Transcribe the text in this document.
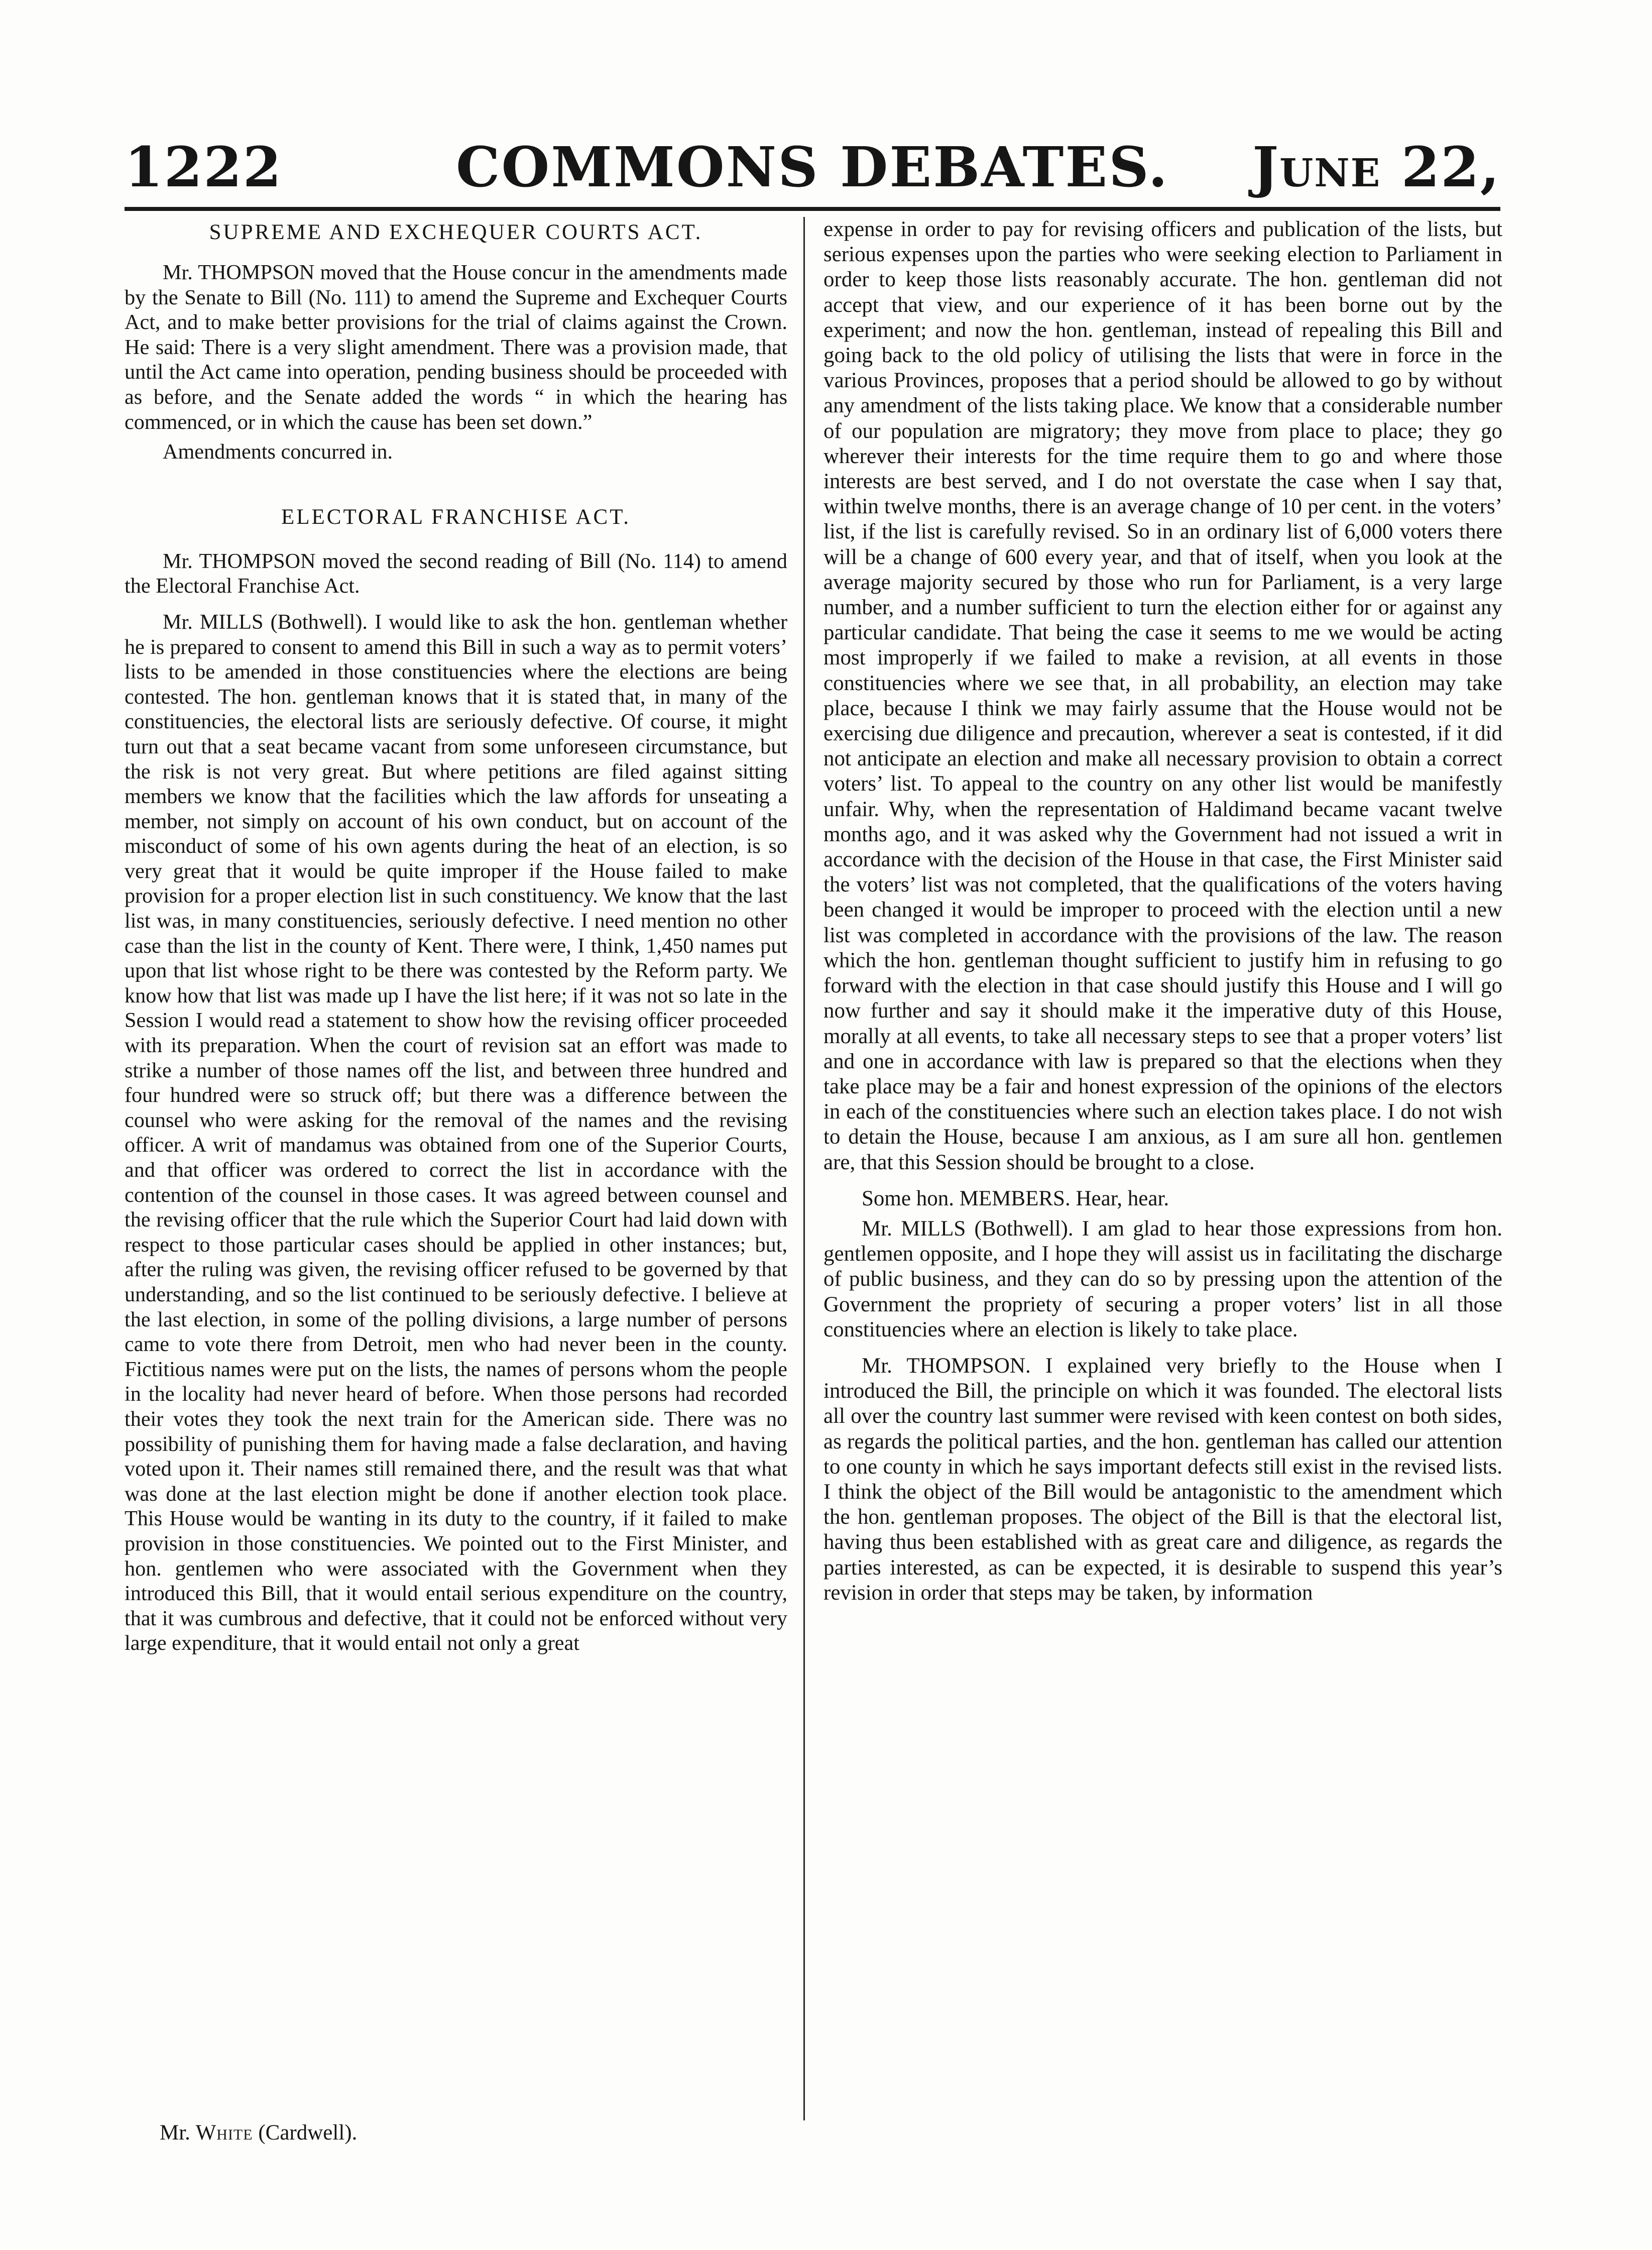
1222	COMMONS DEBATES.	June 22,
SUPREME AND EXCHEQUER COURTS ACT.

Mr. THOMPSON moved that the House concur in the amendments made by the Senate to Bill (No. 111) to amend the Supreme and Exchequer Courts Act, and to make better provisions for the trial of claims against the Crown. He said: There is a very slight amendment. There was a provision made, that until the Act came into operation, pending business should be proceeded with as before, and the Senate added the words “ in which the hearing has commenced, or in which the cause has been set down.”

Amendments concurred in.

ELECTORAL FRANCHISE ACT.

Mr. THOMPSON moved the second reading of Bill (No. 114) to amend the Electoral Franchise Act.

Mr. MILLS (Bothwell). I would like to ask the hon. gentleman whether he is prepared to consent to amend this Bill in such a way as to permit voters’ lists to be amended in those constituencies where the elections are being contested. The hon. gentleman knows that it is stated that, in many of the constituencies, the electoral lists are seriously defective. Of course, it might turn out that a seat became vacant from some unforeseen circumstance, but the risk is not very great. But where petitions are filed against sitting members we know that the facilities which the law affords for unseating a member, not simply on account of his own conduct, but on account of the misconduct of some of his own agents during the heat of an election, is so very great that it would be quite improper if the House failed to make provision for a proper election list in such constituency. We know that the last list was, in many constituencies, seriously defective. I need mention no other case than the list in the county of Kent. There were, I think, 1,450 names put upon that list whose right to be there was contested by the Reform party. We know how that list was made up I have the list here; if it was not so late in the Session I would read a statement to show how the revising officer proceeded with its preparation. When the court of revision sat an effort was made to strike a number of those names off the list, and between three hundred and four hundred were so struck off; but there was a difference between the counsel who were asking for the removal of the names and the revising officer. A writ of mandamus was obtained from one of the Superior Courts, and that officer was ordered to correct the list in accordance with the contention of the counsel in those cases. It was agreed between counsel and the revising officer that the rule which the Superior Court had laid down with respect to those particular cases should be applied in other instances; but, after the ruling was given, the revising officer refused to be governed by that understanding, and so the list continued to be seriously defective. I believe at the last election, in some of the polling divisions, a large number of persons came to vote there from Detroit, men who had never been in the county. Fictitious names were put on the lists, the names of persons whom the people in the locality had never heard of before. When those persons had recorded their votes they took the next train for the American side. There was no possibility of punishing them for having made a false declaration, and having voted upon it. Their names still remained there, and the result was that what was done at the last election might be done if another election took place. This House would be wanting in its duty to the country, if it failed to make provision in those constituencies. We pointed out to the First Minister, and hon. gentlemen who were associated with the Government when they introduced this Bill, that it would entail serious expenditure on the country, that it was cumbrous and defective, that it could not be enforced without very large expenditure, that it would entail not only a great

expense in order to pay for revising officers and publication of the lists, but serious expenses upon the parties who were seeking election to Parliament in order to keep those lists reasonably accurate. The hon. gentleman did not accept that view, and our experience of it has been borne out by the experiment; and now the hon. gentleman, instead of repealing this Bill and going back to the old policy of utilising the lists that were in force in the various Provinces, proposes that a period should be allowed to go by without any amendment of the lists taking place. We know that a considerable number of our population are migratory; they move from place to place; they go wherever their interests for the time require them to go and where those interests are best served, and I do not overstate the case when I say that, within twelve months, there is an average change of 10 per cent. in the voters’ list, if the list is carefully revised. So in an ordinary list of 6,000 voters there will be a change of 600 every year, and that of itself, when you look at the average majority secured by those who run for Parliament, is a very large number, and a number sufficient to turn the election either for or against any particular candidate. That being the case it seems to me we would be acting most improperly if we failed to make a revision, at all events in those constituencies where we see that, in all probability, an election may take place, because I think we may fairly assume that the House would not be exercising due diligence and precaution, wherever a seat is contested, if it did not anticipate an election and make all necessary provision to obtain a correct voters’ list. To appeal to the country on any other list would be manifestly unfair. Why, when the representation of Haldimand became vacant twelve months ago, and it was asked why the Government had not issued a writ in accordance with the decision of the House in that case, the First Minister said the voters’ list was not completed, that the qualifications of the voters having been changed it would be improper to proceed with the election until a new list was completed in accordance with the provisions of the law. The reason which the hon. gentleman thought sufficient to justify him in refusing to go forward with the election in that case should justify this House and I will go now further and say it should make it the imperative duty of this House, morally at all events, to take all necessary steps to see that a proper voters’ list and one in accordance with law is prepared so that the elections when they take place may be a fair and honest expression of the opinions of the electors in each of the constituencies where such an election takes place. I do not wish to detain the House, because I am anxious, as I am sure all hon. gentlemen are, that this Session should be brought to a close.

Some hon. MEMBERS. Hear, hear.

Mr. MILLS (Bothwell). I am glad to hear those expressions from hon. gentlemen opposite, and I hope they will assist us in facilitating the discharge of public business, and they can do so by pressing upon the attention of the Government the propriety of securing a proper voters’ list in all those constituencies where an election is likely to take place.

Mr. THOMPSON. I explained very briefly to the House when I introduced the Bill, the principle on which it was founded. The electoral lists all over the country last summer were revised with keen contest on both sides, as regards the political parties, and the hon. gentleman has called our attention to one county in which he says important defects still exist in the revised lists. I think the object of the Bill would be antagonistic to the amendment which the hon. gentleman proposes. The object of the Bill is that the electoral list, having thus been established with as great care and diligence, as regards the parties interested, as can be expected, it is desirable to suspend this year’s revision in order that steps may be taken, by information

Mr. White (Cardwell).
